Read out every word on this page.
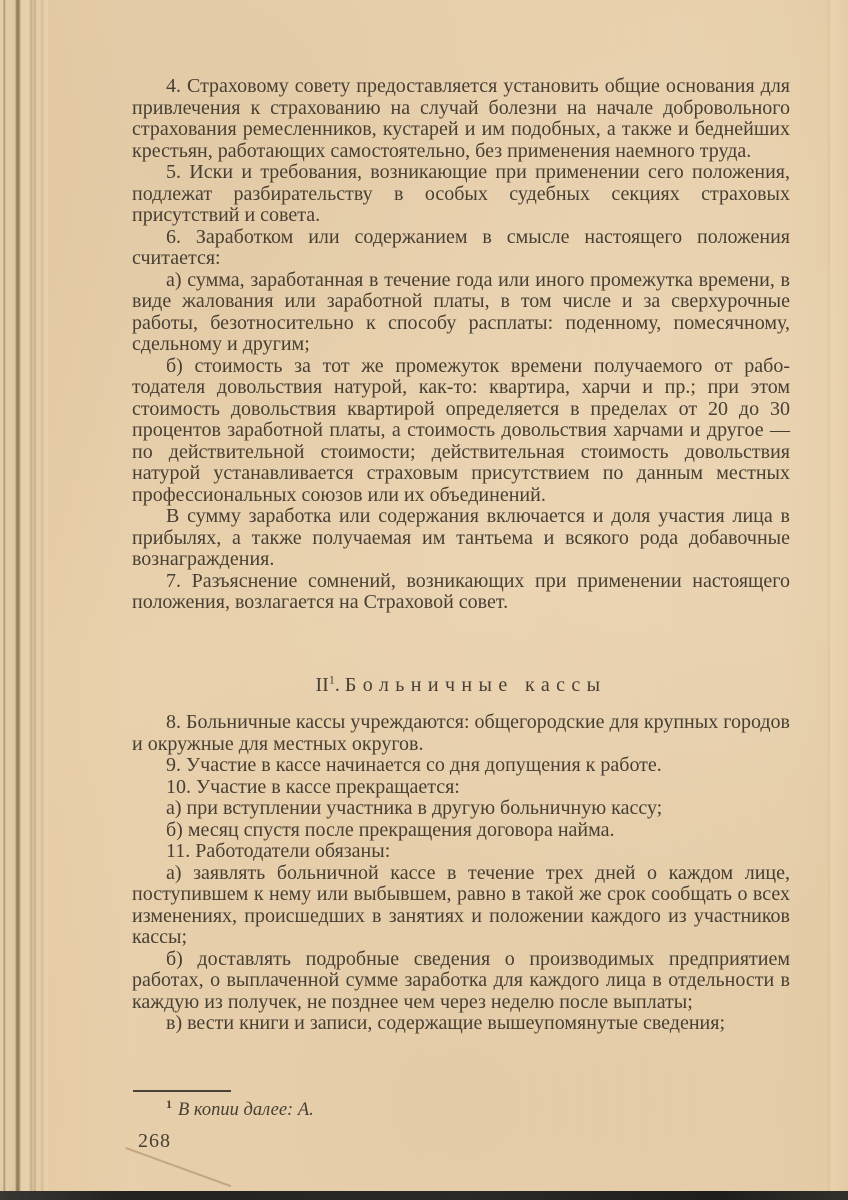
4. Страховому совету предоставляется установить общие основания для привлечения к страхованию на случай болезни на начале добровольного страхования ремесленников, кустарей и им подобных, а также и беднейших крестьян, работающих самостоятельно, без применения наемного труда.

5. Иски и требования, возникающие при применении сего положения, подлежат разбирательству в особых судебных секциях страховых присутствий и совета.

6. Заработком или содержанием в смысле настоящего положения считается:

а) сумма, заработанная в течение года или иного промежутка времени, в виде жалования или заработной платы, в том числе и за сверхурочные работы, безотносительно к способу расплаты: поденному, помесячному, сдельному и другим;

б) стоимость за тот же промежуток времени получаемого от работодателя довольствия натурой, как-то: квартира, харчи и пр.; при этом стоимость довольствия квартирой определяется в пределах от 20 до 30 процентов заработной платы, а стоимость довольствия харчами и другое — по действительной стоимости; действительная стоимость довольствия натурой устанавливается страховым присутствием по данным местных профессиональных союзов или их объединений.

В сумму заработка или содержания включается и доля участия лица в прибылях, а также получаемая им тантьема и всякого рода добавочные вознаграждения.

7. Разъяснение сомнений, возникающих при применении настоящего положения, возлагается на Страховой совет.

$II^1$. Больничные кассы

8. Больничные кассы учреждаются: общегородские для крупных городов и окружные для местных округов.

9. Участие в кассе начинается со дня допущения к работе.

10. Участие в кассе прекращается:

а) при вступлении участника в другую больничную кассу;

б) месяц спустя после прекращения договора найма.

11. Работодатели обязаны:

а) заявлять больничной кассе в течение трех дней о каждом лице, поступившем к нему или выбывшем, равно в такой же срок сообщать о всех изменениях, происшедших в занятиях и положении каждого из участников кассы;

б) доставлять подробные сведения о производимых предприятием работах, о выплаченной сумме заработка для каждого лица в отдельности в каждую из получек, не позднее чем через неделю после выплаты;

в) вести книги и записи, содержащие вышеупомянутые сведения;

$^1$ В копии далее: А.
268
